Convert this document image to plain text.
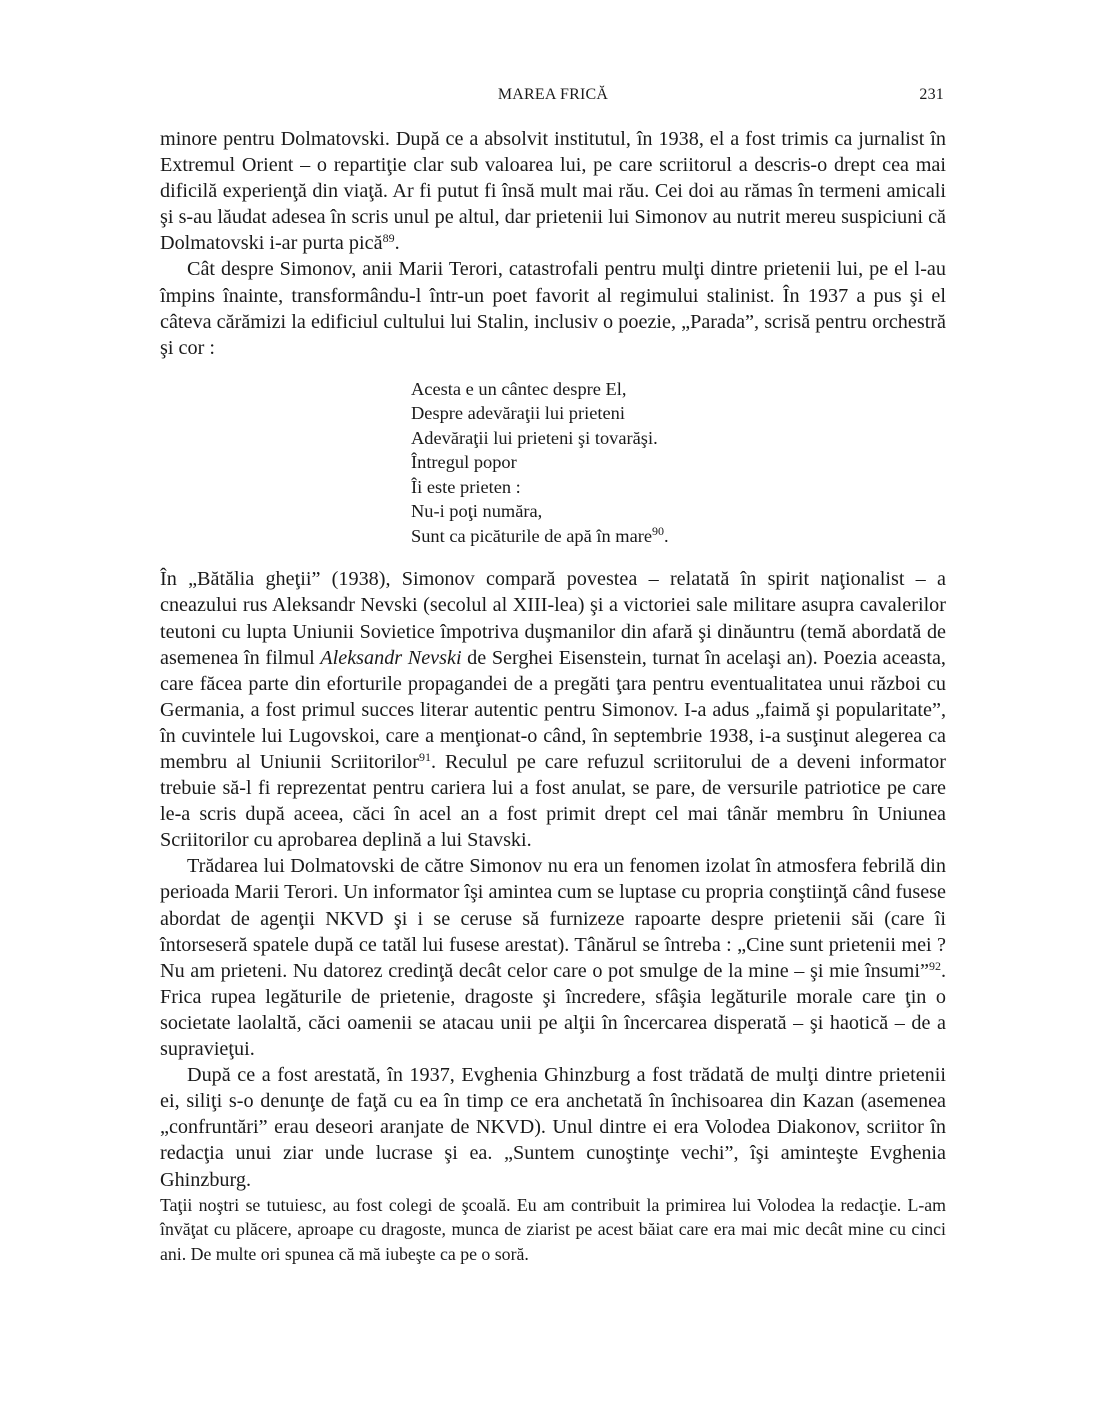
MAREA FRICĂ	231

minore pentru Dolmatovski. După ce a absolvit institutul, în 1938, el a fost trimis ca jurnalist în Extremul Orient – o repartiţie clar sub valoarea lui, pe care scriitorul a descris-o drept cea mai dificilă experienţă din viaţă. Ar fi putut fi însă mult mai rău. Cei doi au rămas în termeni amicali şi s-au lăudat adesea în scris unul pe altul, dar prietenii lui Simonov au nutrit mereu suspiciuni că Dolmatovski i-ar purta pică$^{89}$.

Cât despre Simonov, anii Marii Terori, catastrofali pentru mulţi dintre prietenii lui, pe el l-au împins înainte, transformându-l într-un poet favorit al regimului stalinist. În 1937 a pus şi el câteva cărămizi la edificiul cultului lui Stalin, inclusiv o poezie, „Parada”, scrisă pentru orchestră şi cor :

Acesta e un cântec despre El,
Despre adevăraţii lui prieteni
Adevăraţii lui prieteni şi tovarăşi.
Întregul popor
Îi este prieten :
Nu-i poţi număra,
Sunt ca picăturile de apă în mare$^{90}$.

În „Bătălia gheţii” (1938), Simonov compară povestea – relatată în spirit naţionalist – a cneazului rus Aleksandr Nevski (secolul al XIII-lea) şi a victoriei sale militare asupra cavalerilor teutoni cu lupta Uniunii Sovietice împotriva duşmanilor din afară şi dinăuntru (temă abordată de asemenea în filmul Aleksandr Nevski de Serghei Eisenstein, turnat în acelaşi an). Poezia aceasta, care făcea parte din eforturile propagandei de a pregăti ţara pentru eventualitatea unui război cu Germania, a fost primul succes literar autentic pentru Simonov. I-a adus „faimă şi popularitate”, în cuvintele lui Lugovskoi, care a menţionat-o când, în septembrie 1938, i-a susţinut alegerea ca membru al Uniunii Scriitorilor$^{91}$. Reculul pe care refuzul scriitorului de a deveni informator trebuie să-l fi reprezentat pentru cariera lui a fost anulat, se pare, de versurile patriotice pe care le-a scris după aceea, căci în acel an a fost primit drept cel mai tânăr membru în Uniunea Scriitorilor cu aprobarea deplină a lui Stavski.

Trădarea lui Dolmatovski de către Simonov nu era un fenomen izolat în atmosfera febrilă din perioada Marii Terori. Un informator îşi amintea cum se luptase cu propria conştiinţă când fusese abordat de agenţii NKVD şi i se ceruse să furnizeze rapoarte despre prietenii săi (care îi întorseseră spatele după ce tatăl lui fusese arestat). Tânărul se întreba : „Cine sunt prietenii mei ? Nu am prieteni. Nu datorez credinţă decât celor care o pot smulge de la mine – şi mie însumi”$^{92}$. Frica rupea legăturile de prietenie, dragoste şi încredere, sfâşia legăturile morale care ţin o societate laolaltă, căci oamenii se atacau unii pe alţii în încercarea disperată – şi haotică – de a supravieţui.

După ce a fost arestată, în 1937, Evghenia Ghinzburg a fost trădată de mulţi dintre prietenii ei, siliţi s-o denunţe de faţă cu ea în timp ce era anchetată în închisoarea din Kazan (asemenea „confruntări” erau deseori aranjate de NKVD). Unul dintre ei era Volodea Diakonov, scriitor în redacţia unui ziar unde lucrase şi ea. „Suntem cunoştinţe vechi”, îşi aminteşte Evghenia Ghinzburg.

Taţii noştri se tutuiesc, au fost colegi de şcoală. Eu am contribuit la primirea lui Volodea la redacţie. L-am învăţat cu plăcere, aproape cu dragoste, munca de ziarist pe acest băiat care era mai mic decât mine cu cinci ani. De multe ori spunea că mă iubeşte ca pe o soră.
